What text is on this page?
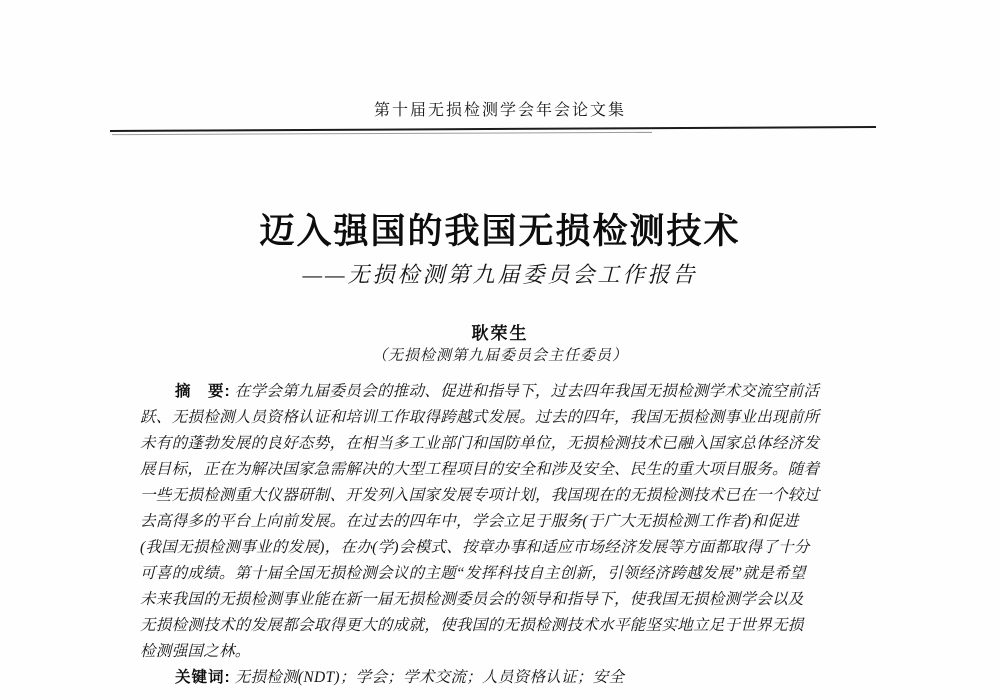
第十届无损检测学会年会论文集
迈入强国的我国无损检测技术
——无损检测第九届委员会工作报告
耿荣生
（无损检测第九届委员会主任委员）
摘　要: 在学会第九届委员会的推动、促进和指导下，过去四年我国无损检测学术交流空前活
跃、无损检测人员资格认证和培训工作取得跨越式发展。过去的四年，我国无损检测事业出现前所
未有的蓬勃发展的良好态势，在相当多工业部门和国防单位，无损检测技术已融入国家总体经济发
展目标，正在为解决国家急需解决的大型工程项目的安全和涉及安全、民生的重大项目服务。随着
一些无损检测重大仪器研制、开发列入国家发展专项计划，我国现在的无损检测技术已在一个较过
去高得多的平台上向前发展。在过去的四年中，学会立足于服务(于广大无损检测工作者)和促进
(我国无损检测事业的发展)，在办(学)会模式、按章办事和适应市场经济发展等方面都取得了十分
可喜的成绩。第十届全国无损检测会议的主题“发挥科技自主创新，引领经济跨越发展”就是希望
未来我国的无损检测事业能在新一届无损检测委员会的领导和指导下，使我国无损检测学会以及
无损检测技术的发展都会取得更大的成就，使我国的无损检测技术水平能坚实地立足于世界无损
检测强国之林。
关键词: 无损检测(NDT)；学会；学术交流；人员资格认证；安全
